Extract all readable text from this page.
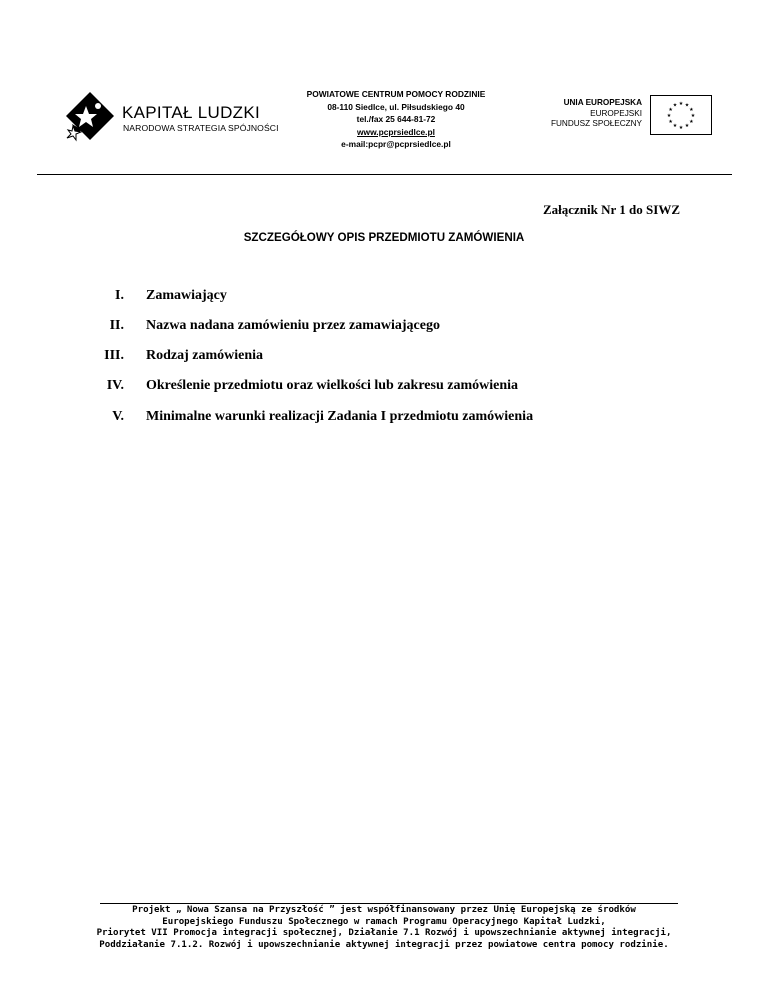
KAPITAŁ LUDZKI
NARODOWA STRATEGIA SPÓJNOŚCI
POWIATOWE CENTRUM POMOCY RODZINIE
08-110 Siedlce, ul. Piłsudskiego 40
tel./fax 25 644-81-72
www.pcprsiedlce.pl
e-mail:pcpr@pcprsiedlce.pl
UNIA EUROPEJSKA
EUROPEJSKI
FUNDUSZ SPOŁECZNY
★
★
★
★
★
★
★
★
★ ★ ★
★
Załącznik Nr 1 do SIWZ
SZCZEGÓŁOWY OPIS PRZEDMIOTU ZAMÓWIENIA
I. Zamawiający
II. Nazwa nadana zamówieniu przez zamawiającego
III. Rodzaj zamówienia
IV. Określenie przedmiotu oraz wielkości lub zakresu zamówienia
V. Minimalne warunki realizacji Zadania I przedmiotu zamówienia
Projekt „ Nowa Szansa na Przyszłość ” jest współfinansowany przez Unię Europejską ze środków
Europejskiego Funduszu Społecznego w ramach Programu Operacyjnego Kapitał Ludzki,
Priorytet VII Promocja integracji społecznej, Działanie 7.1 Rozwój i upowszechnianie aktywnej integracji,
Poddziałanie 7.1.2. Rozwój i upowszechnianie aktywnej integracji przez powiatowe centra pomocy rodzinie.
